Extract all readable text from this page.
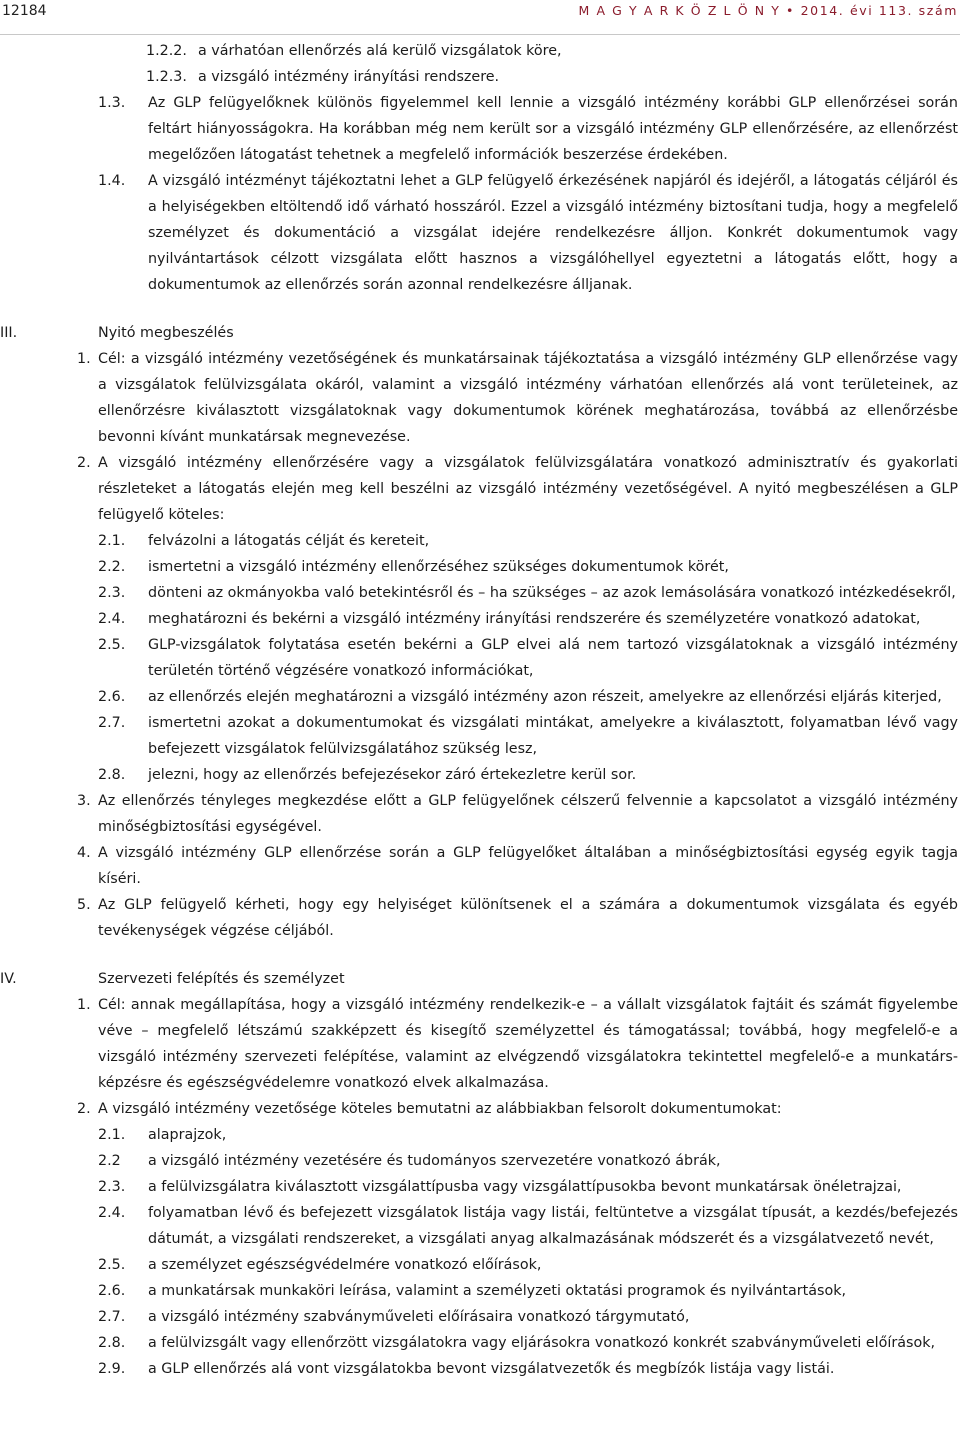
12184	M A G Y A R K Ö Z L Ö N Y • 2014. évi 113. szám
1.2.2. a várhatóan ellenőrzés alá kerülő vizsgálatok köre,
1.2.3. a vizsgáló intézmény irányítási rendszere.
1.3. Az GLP felügyelőknek különös figyelemmel kell lennie a vizsgáló intézmény korábbi GLP ellenőrzései során feltárt hiányosságokra. Ha korábban még nem került sor a vizsgáló intézmény GLP ellenőrzésére, az ellenőrzést megelőzően látogatást tehetnek a megfelelő információk beszerzése érdekében.
1.4. A vizsgáló intézményt tájékoztatni lehet a GLP felügyelő érkezésének napjáról és idejéről, a látogatás céljáról és a helyiségekben eltöltendő idő várható hosszáról. Ezzel a vizsgáló intézmény biztosítani tudja, hogy a megfelelő személyzet és dokumentáció a vizsgálat idejére rendelkezésre álljon. Konkrét dokumentumok vagy nyilvántartások célzott vizsgálata előtt hasznos a vizsgálóhellyel egyeztetni a látogatás előtt, hogy a dokumentumok az ellenőrzés során azonnal rendelkezésre álljanak.
III.	Nyitó megbeszélés
1. Cél: a vizsgáló intézmény vezetőségének és munkatársainak tájékoztatása a vizsgáló intézmény GLP ellenőrzése vagy a vizsgálatok felülvizsgálata okáról, valamint a vizsgáló intézmény várhatóan ellenőrzés alá vont területeinek, az ellenőrzésre kiválasztott vizsgálatoknak vagy dokumentumok körének meghatározása, továbbá az ellenőrzésbe bevonni kívánt munkatársak megnevezése.
2. A vizsgáló intézmény ellenőrzésére vagy a vizsgálatok felülvizsgálatára vonatkozó adminisztratív és gyakorlati részleteket a látogatás elején meg kell beszélni az vizsgáló intézmény vezetőségével. A nyitó megbeszélésen a GLP felügyelő köteles:
2.1. felvázolni a látogatás célját és kereteit,
2.2. ismertetni a vizsgáló intézmény ellenőrzéséhez szükséges dokumentumok körét,
2.3. dönteni az okmányokba való betekintésről és – ha szükséges – az azok lemásolására vonatkozó intézkedésekről,
2.4. meghatározni és bekérni a vizsgáló intézmény irányítási rendszerére és személyzetére vonatkozó adatokat,
2.5. GLP-vizsgálatok folytatása esetén bekérni a GLP elvei alá nem tartozó vizsgálatoknak a vizsgáló intézmény területén történő végzésére vonatkozó információkat,
2.6. az ellenőrzés elején meghatározni a vizsgáló intézmény azon részeit, amelyekre az ellenőrzési eljárás kiterjed,
2.7. ismertetni azokat a dokumentumokat és vizsgálati mintákat, amelyekre a kiválasztott, folyamatban lévő vagy befejezett vizsgálatok felülvizsgálatához szükség lesz,
2.8. jelezni, hogy az ellenőrzés befejezésekor záró értekezletre kerül sor.
3. Az ellenőrzés tényleges megkezdése előtt a GLP felügyelőnek célszerű felvennie a kapcsolatot a vizsgáló intézmény minőségbiztosítási egységével.
4. A vizsgáló intézmény GLP ellenőrzése során a GLP felügyelőket általában a minőségbiztosítási egység egyik tagja kíséri.
5. Az GLP felügyelő kérheti, hogy egy helyiséget különítsenek el a számára a dokumentumok vizsgálata és egyéb tevékenységek végzése céljából.
IV.	Szervezeti felépítés és személyzet
1. Cél: annak megállapítása, hogy a vizsgáló intézmény rendelkezik-e – a vállalt vizsgálatok fajtáit és számát figyelembe véve – megfelelő létszámú szakképzett és kisegítő személyzettel és támogatással; továbbá, hogy megfelelő-e a vizsgáló intézmény szervezeti felépítése, valamint az elvégzendő vizsgálatokra tekintettel megfelelő-e a munkatársképzésre és egészségvédelemre vonatkozó elvek alkalmazása.
2. A vizsgáló intézmény vezetősége köteles bemutatni az alábbiakban felsorolt dokumentumokat:
2.1. alaprajzok,
2.2 a vizsgáló intézmény vezetésére és tudományos szervezetére vonatkozó ábrák,
2.3. a felülvizsgálatra kiválasztott vizsgálattípusba vagy vizsgálattípusokba bevont munkatársak önéletrajzai,
2.4. folyamatban lévő és befejezett vizsgálatok listája vagy listái, feltüntetve a vizsgálat típusát, a kezdés/befejezés dátumát, a vizsgálati rendszereket, a vizsgálati anyag alkalmazásának módszerét és a vizsgálatvezető nevét,
2.5. a személyzet egészségvédelmére vonatkozó előírások,
2.6. a munkatársak munkaköri leírása, valamint a személyzeti oktatási programok és nyilvántartások,
2.7. a vizsgáló intézmény szabványműveleti előírásaira vonatkozó tárgymutató,
2.8. a felülvizsgált vagy ellenőrzött vizsgálatokra vagy eljárásokra vonatkozó konkrét szabványműveleti előírások,
2.9. a GLP ellenőrzés alá vont vizsgálatokba bevont vizsgálatvezetők és megbízók listája vagy listái.
